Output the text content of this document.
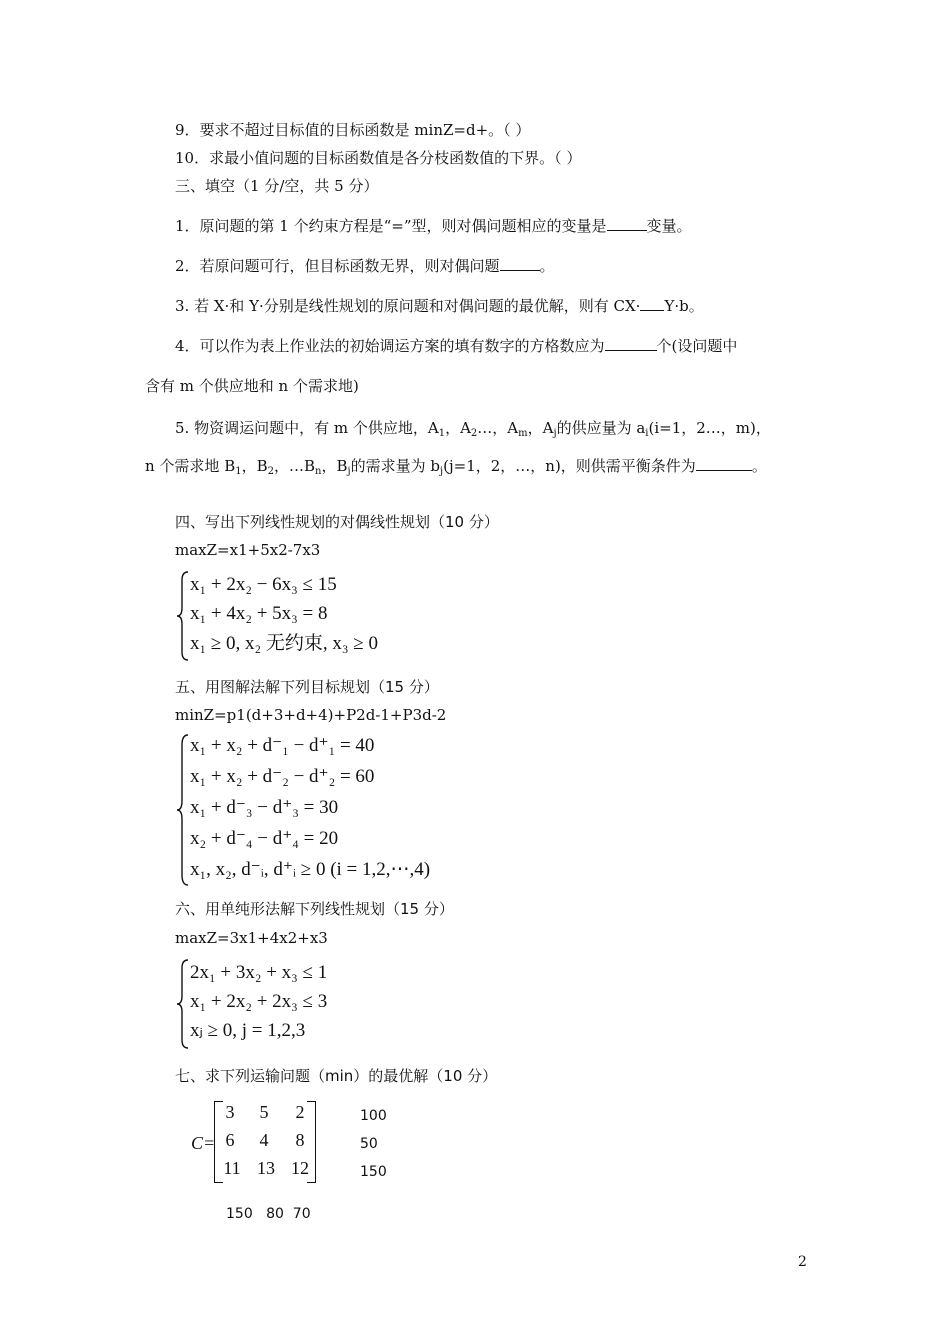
9．要求不超过目标值的目标函数是 minZ=d+。（ ）
10．求最小值问题的目标函数值是各分枝函数值的下界。（ ）
三、填空（1 分/空，共 5 分）
1．原问题的第 1 个约束方程是“=”型，则对偶问题相应的变量是	变量。
2．若原问题可行，但目标函数无界，则对偶问题	。
3. 若 X·和 Y·分别是线性规划的原问题和对偶问题的最优解，则有 CX· Y·b。
4．可以作为表上作业法的初始调运方案的填有数字的方格数应为	个(设问题中
含有 m 个供应地和 n 个需求地)
5. 物资调运问题中，有 m 个供应地，$A_1$，$A_2\dots$，$A_m$，$A_j$的供应量为 $a_i(i=1$，2…，m)，
n 个需求地 $B_1$，$B_2$，$\dots B_n$，$B_j$的需求量为 $b_j(j=1$，2，…，n)，则供需平衡条件为	。
四、写出下列线性规划的对偶线性规划（10 分）
maxZ=x1+5x2-7x3
x₁ + 2x₂ − 6x₃ ≤ 15
x₁ + 4x₂ + 5x₃ = 8
x₁ ≥ 0, x₂ 无约束, x₃ ≥ 0
五、用图解法解下列目标规划（15 分）
minZ=p1(d+3+d+4)+P2d-1+P3d-2
x₁ + x₂ + d⁻₁ − d⁺₁ = 40
x₁ + x₂ + d⁻₂ − d⁺₂ = 60
x₁ + d⁻₃ − d⁺₃ = 30
x₂ + d⁻₄ − d⁺₄ = 20
x₁, x₂, d⁻ᵢ, d⁺ᵢ ≥ 0 (i = 1,2,⋯,4)
六、用单纯形法解下列线性规划（15 分）
maxZ=3x1+4x2+x3
2x₁ + 3x₂ + x₃ ≤ 1
x₁ + 2x₂ + 2x₃ ≤ 3
xⱼ ≥ 0, j = 1,2,3
七、求下列运输问题（min）的最优解（10 分）
C=
3	5	2
6	4	8
11 13 12
100
50
150
150   80  70
2
